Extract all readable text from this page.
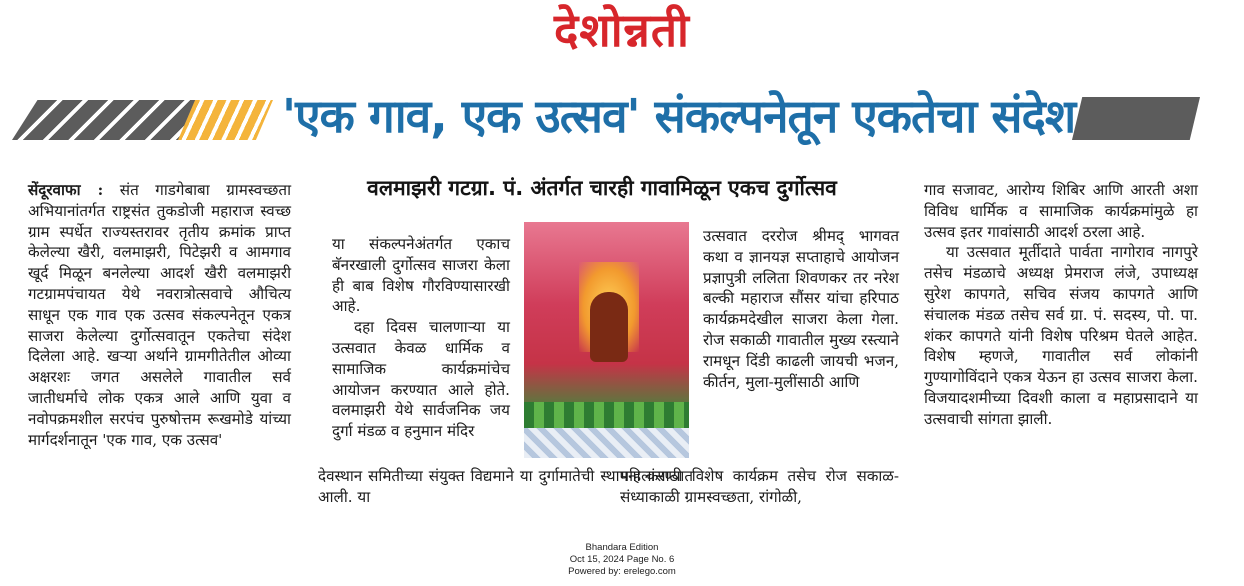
देशोन्नती
'एक गाव, एक उत्सव' संकल्पनेतून एकतेचा संदेश

सेंदूरवाफा : संत गाडगेबाबा ग्रामस्वच्छता अभियानांतर्गत राष्ट्रसंत तुकडोजी महाराज स्वच्छ ग्राम स्पर्धेत राज्यस्तरावर तृतीय क्रमांक प्राप्त केलेल्या खैरी, वलमाझरी, पिटेझरी व आमगाव खूर्द मिळून बनलेल्या आदर्श खैरी वलमाझरी गटग्रामपंचायत येथे नवरात्रोत्सवाचे औचित्य साधून एक गाव एक उत्सव संकल्पनेतून एकत्र साजरा केलेल्या दुर्गोत्सवातून एकतेचा संदेश दिलेला आहे. खऱ्या अर्थाने ग्रामगीतेतील ओव्या अक्षरशः जगत असलेले गावातील सर्व जातीधर्माचे लोक एकत्र आले आणि युवा व नवोपक्रमशील सरपंच पुरुषोत्तम रूखमोडे यांच्या मार्गदर्शनातून 'एक गाव, एक उत्सव'

वलमाझरी गटग्रा. पं. अंतर्गत चारही गावामिळून एकच दुर्गोत्सव

या संकल्पनेअंतर्गत एकाच बॅनरखाली दुर्गोत्सव साजरा केला ही बाब विशेष गौरविण्यासारखी आहे.

दहा दिवस चालणाऱ्या या उत्सवात केवळ धार्मिक व सामाजिक कार्यक्रमांचेच आयोजन करण्यात आले होते. वलमाझरी येथे सार्वजनिक जय दुर्गा मंडळ व हनुमान मंदिर

देवस्थान समितीच्या संयुक्त विद्यमाने या दुर्गामातेची स्थापना करण्यात आली. या

उत्सवात दररोज श्रीमद् भागवत कथा व ज्ञानयज्ञ सप्ताहाचे आयोजन प्रज्ञापुत्री ललिता शिवणकर तर नरेश बल्की महाराज सौंसर यांचा हरिपाठ कार्यक्रमदेखील साजरा केला गेला. रोज सकाळी गावातील मुख्य रस्त्याने रामधून दिंडी काढली जायची भजन, कीर्तन, मुला-मुलींसाठी आणि

महिलांसाठी विशेष कार्यक्रम तसेच रोज सकाळ-संध्याकाळी ग्रामस्वच्छता, रांगोळी,

गाव सजावट, आरोग्य शिबिर आणि आरती अशा विविध धार्मिक व सामाजिक कार्यक्रमांमुळे हा उत्सव इतर गावांसाठी आदर्श ठरला आहे.

या उत्सवात मूर्तीदाते पार्वता नागोराव नागपुरे तसेच मंडळाचे अध्यक्ष प्रेमराज लंजे, उपाध्यक्ष सुरेश कापगते, सचिव संजय कापगते आणि संचालक मंडळ तसेच सर्व ग्रा. पं. सदस्य, पो. पा. शंकर कापगते यांनी विशेष परिश्रम घेतले आहेत. विशेष म्हणजे, गावातील सर्व लोकांनी गुण्यागोविंदाने एकत्र येऊन हा उत्सव साजरा केला. विजयादशमीच्या दिवशी काला व महाप्रसादाने या उत्सवाची सांगता झाली.

Bhandara Edition
Oct 15, 2024 Page No. 6
Powered by: erelego.com
